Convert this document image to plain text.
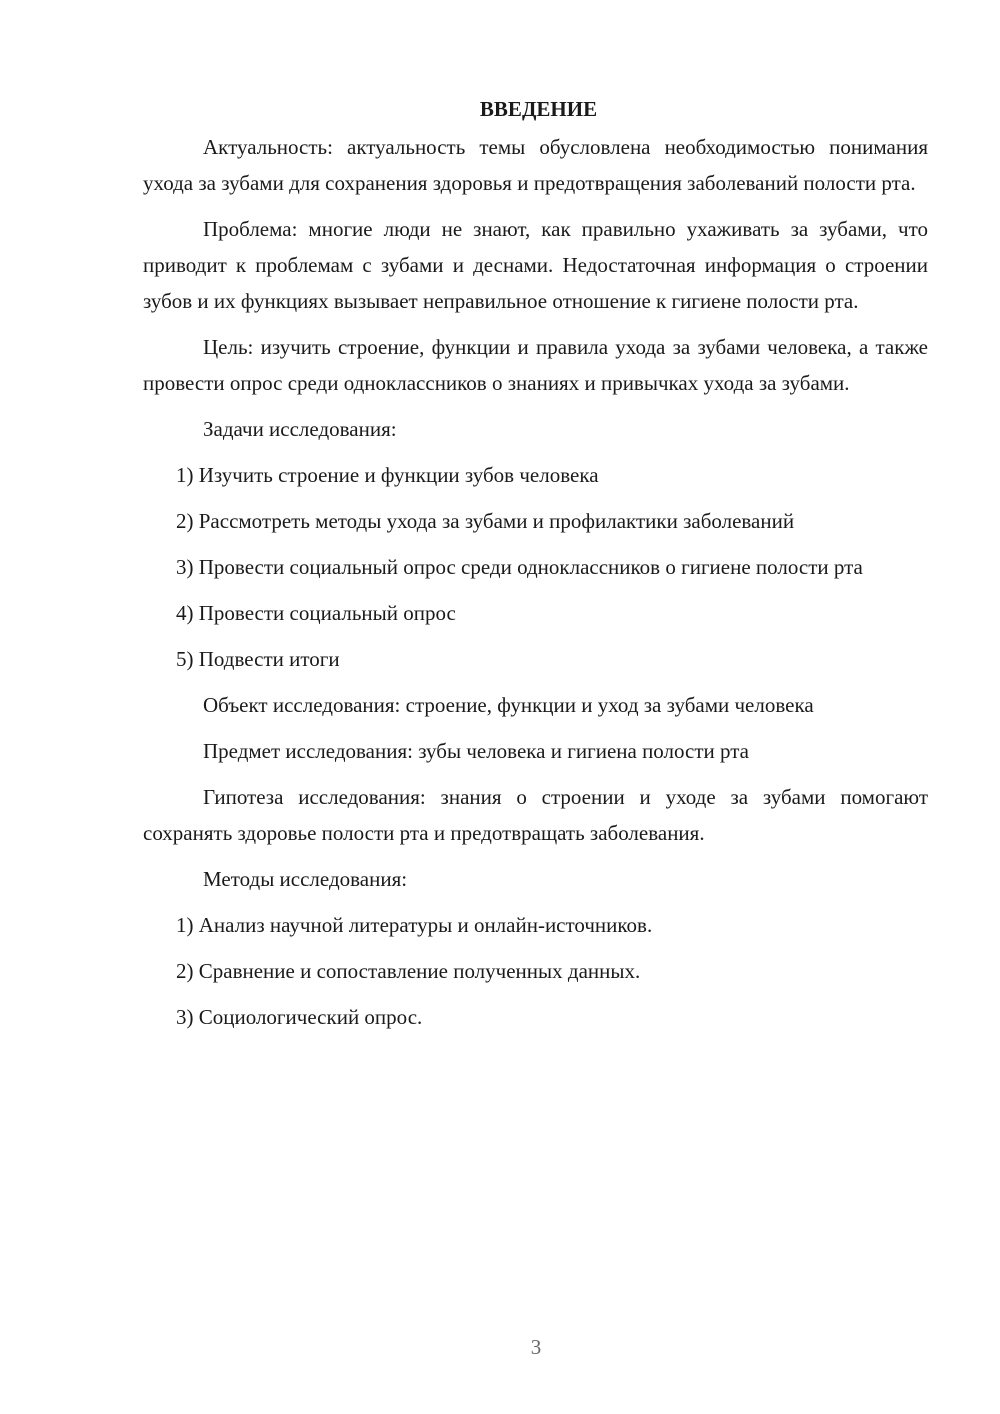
ВВЕДЕНИЕ

Актуальность: актуальность темы обусловлена необходимостью понимания ухода за зубами для сохранения здоровья и предотвращения заболеваний полости рта.

Проблема: многие люди не знают, как правильно ухаживать за зубами, что приводит к проблемам с зубами и деснами. Недостаточная информация о строении зубов и их функциях вызывает неправильное отношение к гигиене полости рта.

Цель: изучить строение, функции и правила ухода за зубами человека, а также провести опрос среди одноклассников о знаниях и привычках ухода за зубами.

Задачи исследования:

1) Изучить строение и функции зубов человека

2) Рассмотреть методы ухода за зубами и профилактики заболеваний

3) Провести социальный опрос среди одноклассников о гигиене полости рта

4) Провести социальный опрос

5) Подвести итоги

Объект исследования: строение, функции и уход за зубами человека

Предмет исследования: зубы человека и гигиена полости рта

Гипотеза исследования: знания о строении и уходе за зубами помогают сохранять здоровье полости рта и предотвращать заболевания.

Методы исследования:

1) Анализ научной литературы и онлайн-источников.

2) Сравнение и сопоставление полученных данных.

3) Социологический опрос.

3
